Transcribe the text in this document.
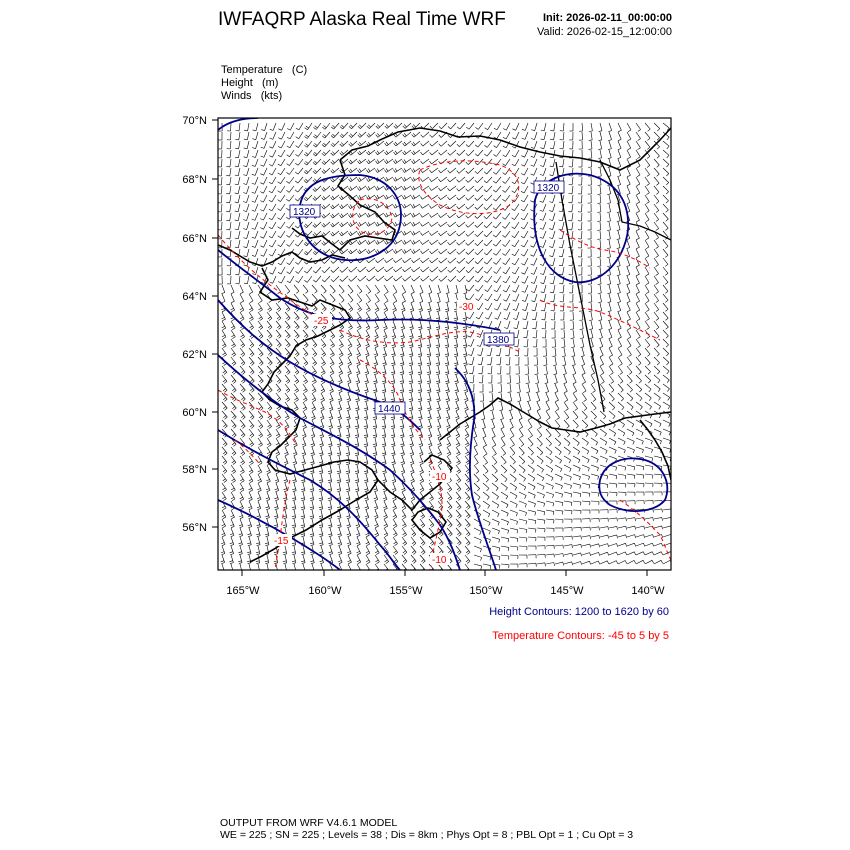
IWFAQRP Alaska Real Time WRF	Init: 2026-02-11_00:00:00
Valid: 2026-02-15_12:00:00
Temperature   (C)
Height   (m)
Winds   (kts)
1320
1320
1380
1440
-30
-25
-10
-15
-10
70°N
68°N
66°N
64°N
62°N
60°N
58°N
56°N
165°W	160°W	155°W	150°W	145°W	140°W
Height Contours: 1200 to 1620 by 60
Temperature Contours: -45 to 5 by 5
OUTPUT FROM WRF V4.6.1 MODEL
WE = 225 ; SN = 225 ; Levels = 38 ; Dis = 8km ; Phys Opt = 8 ; PBL Opt = 1 ; Cu Opt = 3
